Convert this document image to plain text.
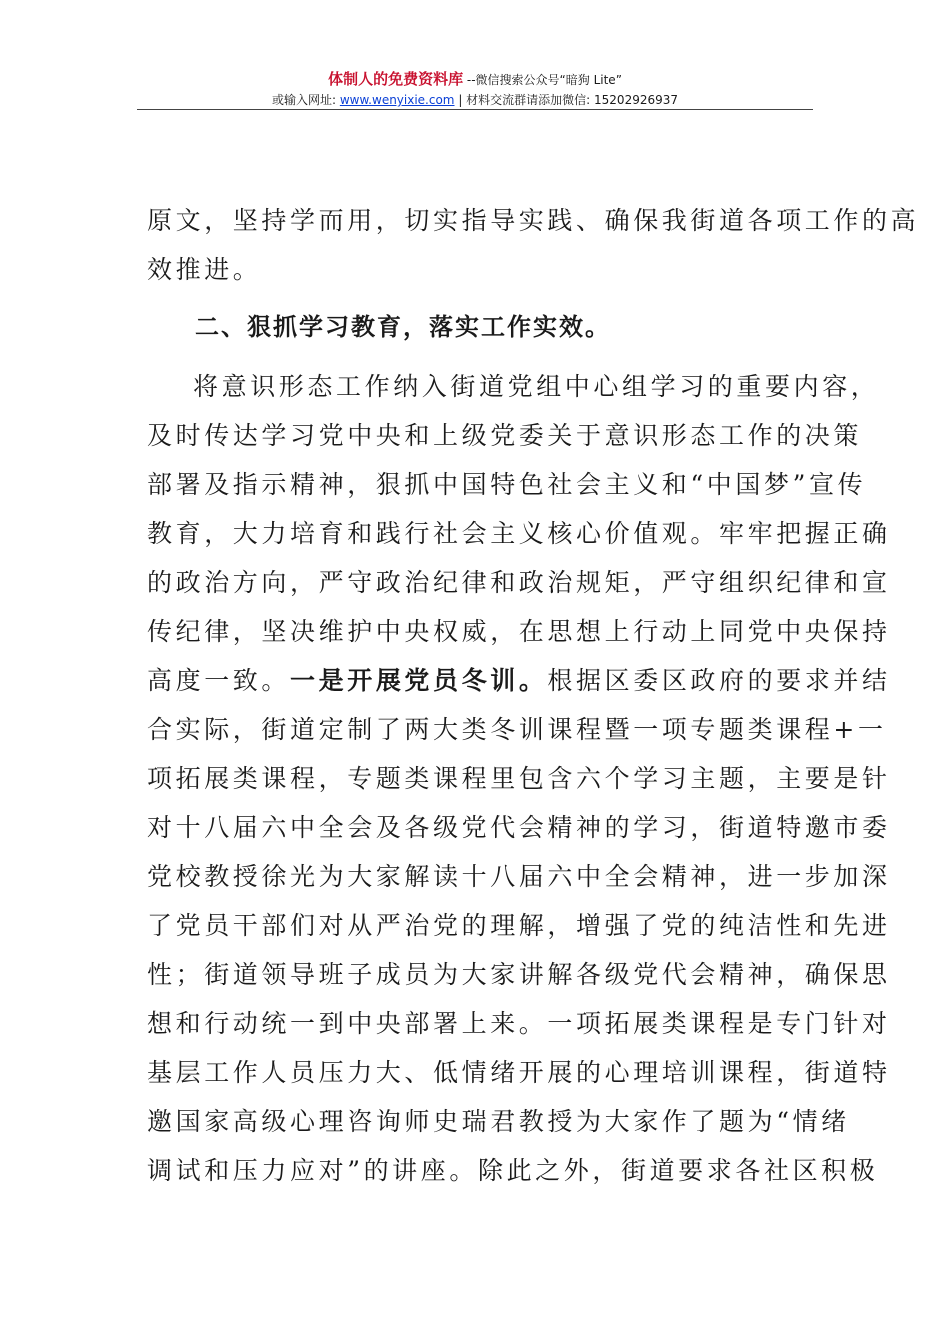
体制人的免费资料库 --微信搜索公众号“暗狗 Lite”
或输入网址: www.wenyixie.com | 材料交流群请添加微信: 15202926937
原文，坚持学而用，切实指导实践、确保我街道各项工作的高
效推进。
二、狠抓学习教育，落实工作实效。
将意识形态工作纳入街道党组中心组学习的重要内容，
及时传达学习党中央和上级党委关于意识形态工作的决策
部署及指示精神，狠抓中国特色社会主义和“中国梦”宣传
教育，大力培育和践行社会主义核心价值观。牢牢把握正确
的政治方向，严守政治纪律和政治规矩，严守组织纪律和宣
传纪律，坚决维护中央权威，在思想上行动上同党中央保持
高度一致。一是开展党员冬训。根据区委区政府的要求并结
合实际，街道定制了两大类冬训课程暨一项专题类课程+一
项拓展类课程，专题类课程里包含六个学习主题，主要是针
对十八届六中全会及各级党代会精神的学习，街道特邀市委
党校教授徐光为大家解读十八届六中全会精神，进一步加深
了党员干部们对从严治党的理解，增强了党的纯洁性和先进
性；街道领导班子成员为大家讲解各级党代会精神，确保思
想和行动统一到中央部署上来。一项拓展类课程是专门针对
基层工作人员压力大、低情绪开展的心理培训课程，街道特
邀国家高级心理咨询师史瑞君教授为大家作了题为“情绪
调试和压力应对”的讲座。除此之外，街道要求各社区积极
